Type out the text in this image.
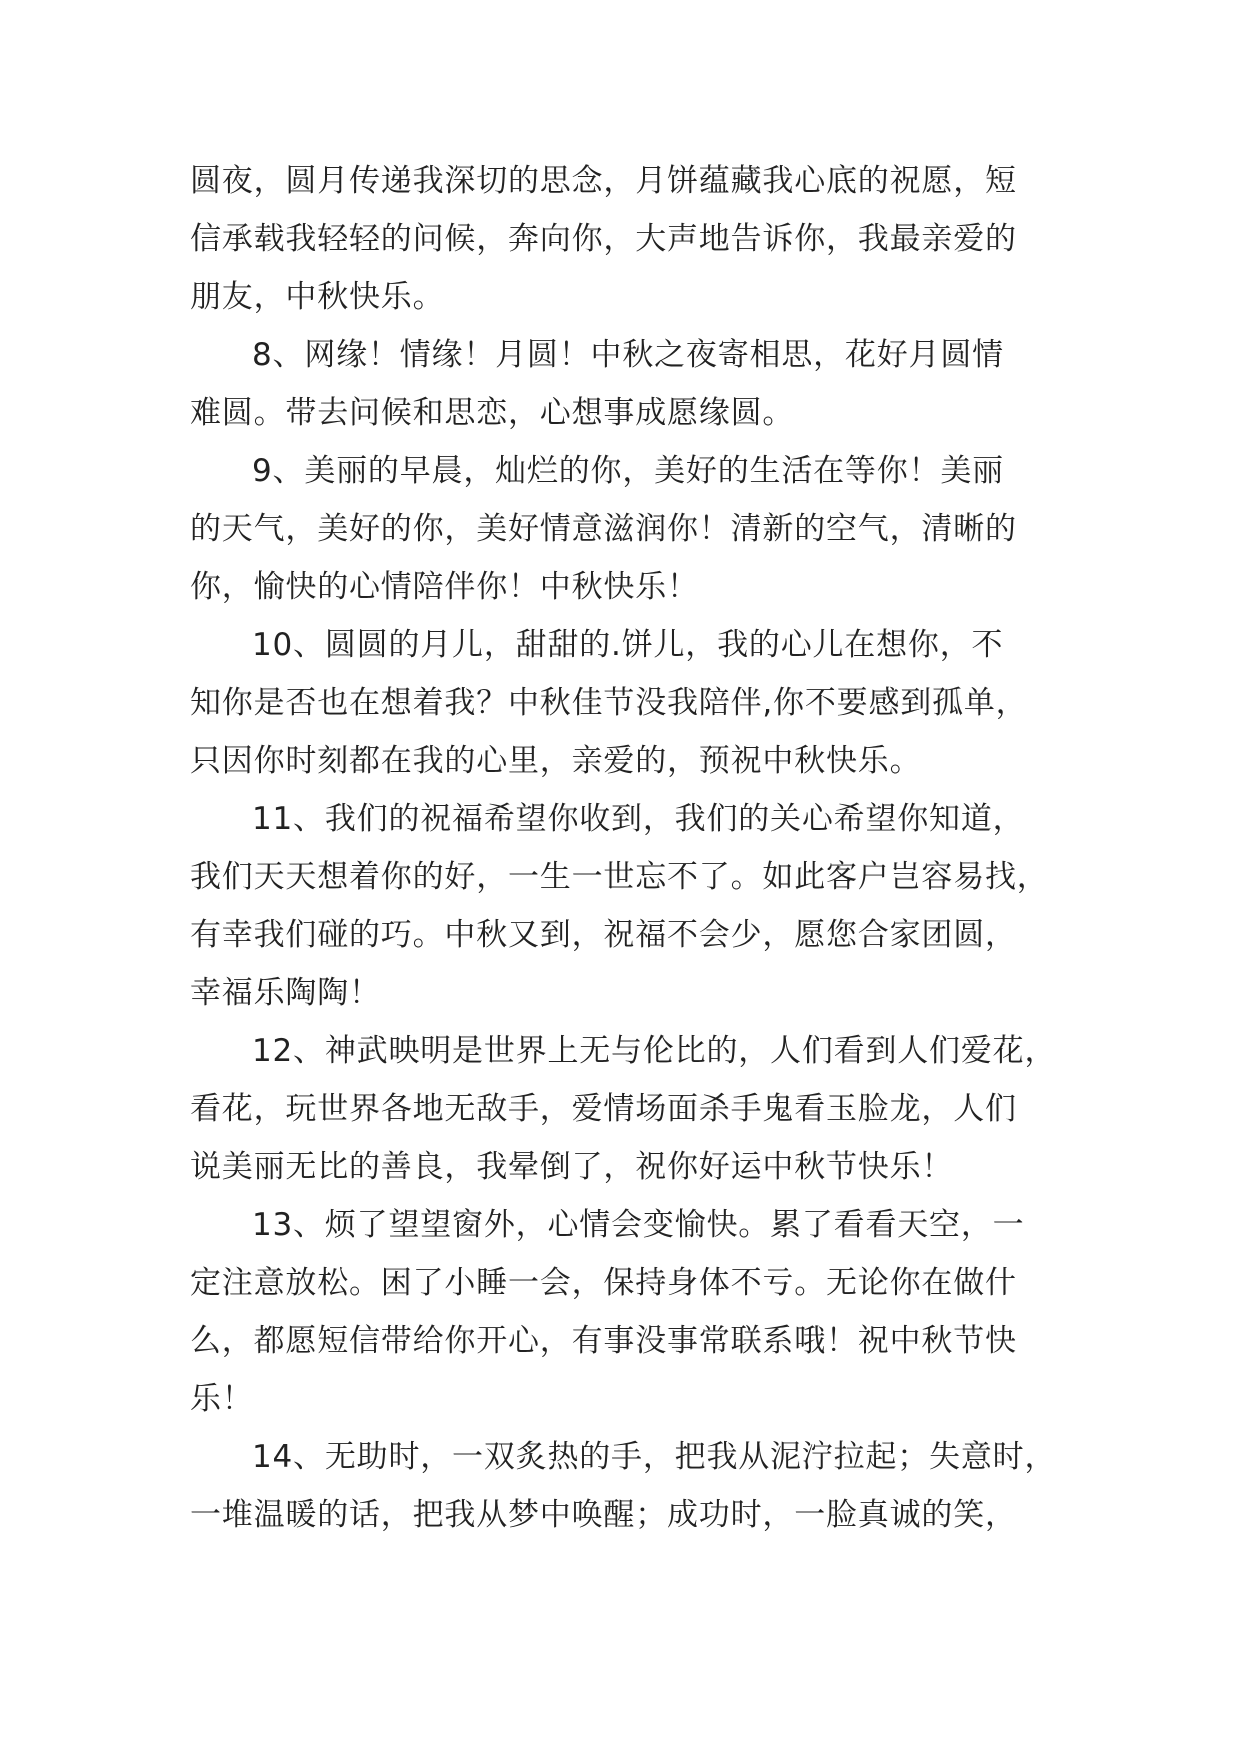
圆夜，圆月传递我深切的思念，月饼蕴藏我心底的祝愿，短
信承载我轻轻的问候，奔向你，大声地告诉你，我最亲爱的
朋友，中秋快乐。
8、网缘！情缘！月圆！中秋之夜寄相思，花好月圆情
难圆。带去问候和思恋，心想事成愿缘圆。
9、美丽的早晨，灿烂的你，美好的生活在等你！美丽
的天气，美好的你，美好情意滋润你！清新的空气，清晰的
你，愉快的心情陪伴你！中秋快乐！
10、圆圆的月儿，甜甜的.饼儿，我的心儿在想你，不
知你是否也在想着我？中秋佳节没我陪伴,你不要感到孤单，
只因你时刻都在我的心里，亲爱的，预祝中秋快乐。
11、我们的祝福希望你收到，我们的关心希望你知道，
我们天天想着你的好，一生一世忘不了。如此客户岂容易找，
有幸我们碰的巧。中秋又到，祝福不会少，愿您合家团圆，
幸福乐陶陶！
12、神武映明是世界上无与伦比的，人们看到人们爱花，
看花，玩世界各地无敌手，爱情场面杀手鬼看玉脸龙，人们
说美丽无比的善良，我晕倒了，祝你好运中秋节快乐！
13、烦了望望窗外，心情会变愉快。累了看看天空，一
定注意放松。困了小睡一会，保持身体不亏。无论你在做什
么，都愿短信带给你开心，有事没事常联系哦！祝中秋节快
乐！
14、无助时，一双炙热的手，把我从泥泞拉起；失意时，
一堆温暖的话，把我从梦中唤醒；成功时，一脸真诚的笑，
